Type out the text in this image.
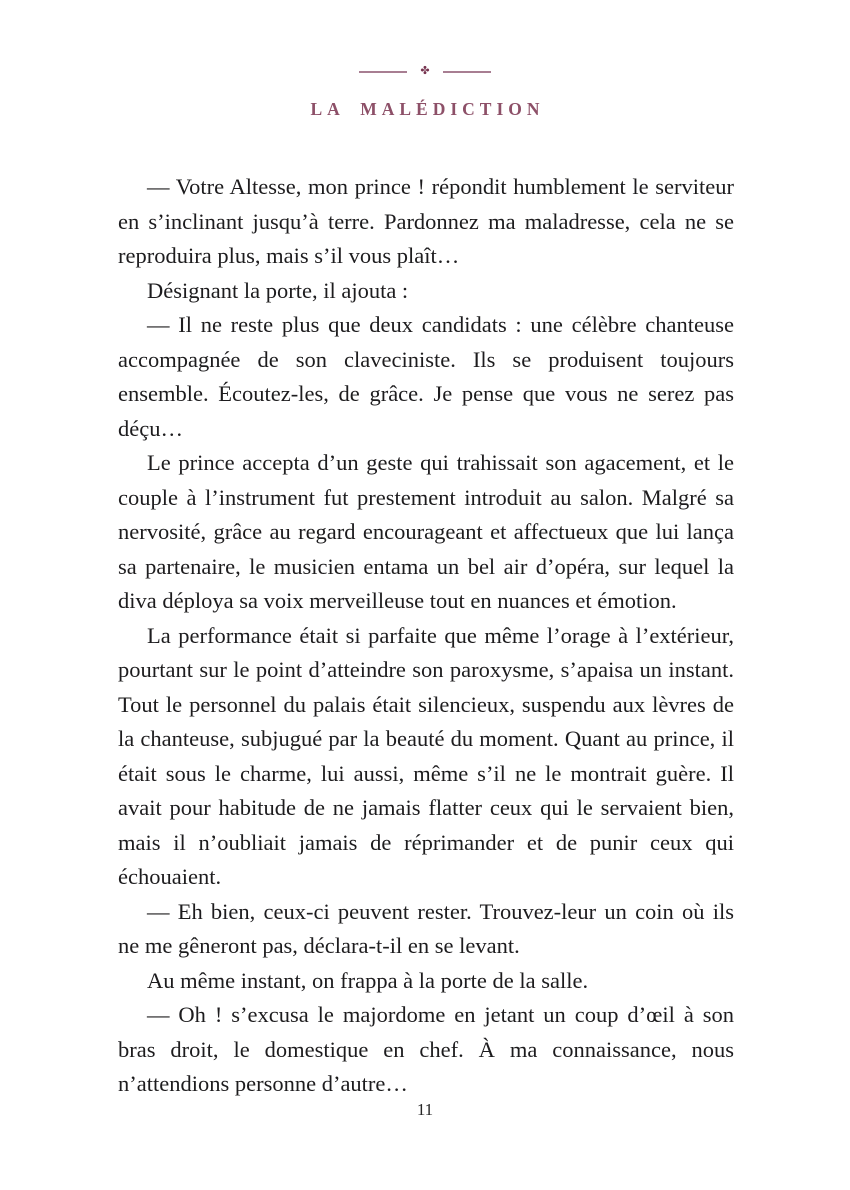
✤
LA MALÉDICTION

— Votre Altesse, mon prince ! répondit humblement le serviteur en s’inclinant jusqu’à terre. Pardonnez ma maladresse, cela ne se reproduira plus, mais s’il vous plaît…

Désignant la porte, il ajouta :

— Il ne reste plus que deux candidats : une célèbre chanteuse accompagnée de son claveciniste. Ils se produisent toujours ensemble. Écoutez-les, de grâce. Je pense que vous ne serez pas déçu…

Le prince accepta d’un geste qui trahissait son agacement, et le couple à l’instrument fut prestement introduit au salon. Malgré sa nervosité, grâce au regard encourageant et affectueux que lui lança sa partenaire, le musicien entama un bel air d’opéra, sur lequel la diva déploya sa voix merveilleuse tout en nuances et émotion.

La performance était si parfaite que même l’orage à l’extérieur, pourtant sur le point d’atteindre son paroxysme, s’apaisa un instant. Tout le personnel du palais était silencieux, suspendu aux lèvres de la chanteuse, subjugué par la beauté du moment. Quant au prince, il était sous le charme, lui aussi, même s’il ne le montrait guère. Il avait pour habitude de ne jamais flatter ceux qui le servaient bien, mais il n’oubliait jamais de réprimander et de punir ceux qui échouaient.

— Eh bien, ceux-ci peuvent rester. Trouvez-leur un coin où ils ne me gêneront pas, déclara-t-il en se levant.

Au même instant, on frappa à la porte de la salle.

— Oh ! s’excusa le majordome en jetant un coup d’œil à son bras droit, le domestique en chef. À ma connaissance, nous n’attendions personne d’autre…

11
